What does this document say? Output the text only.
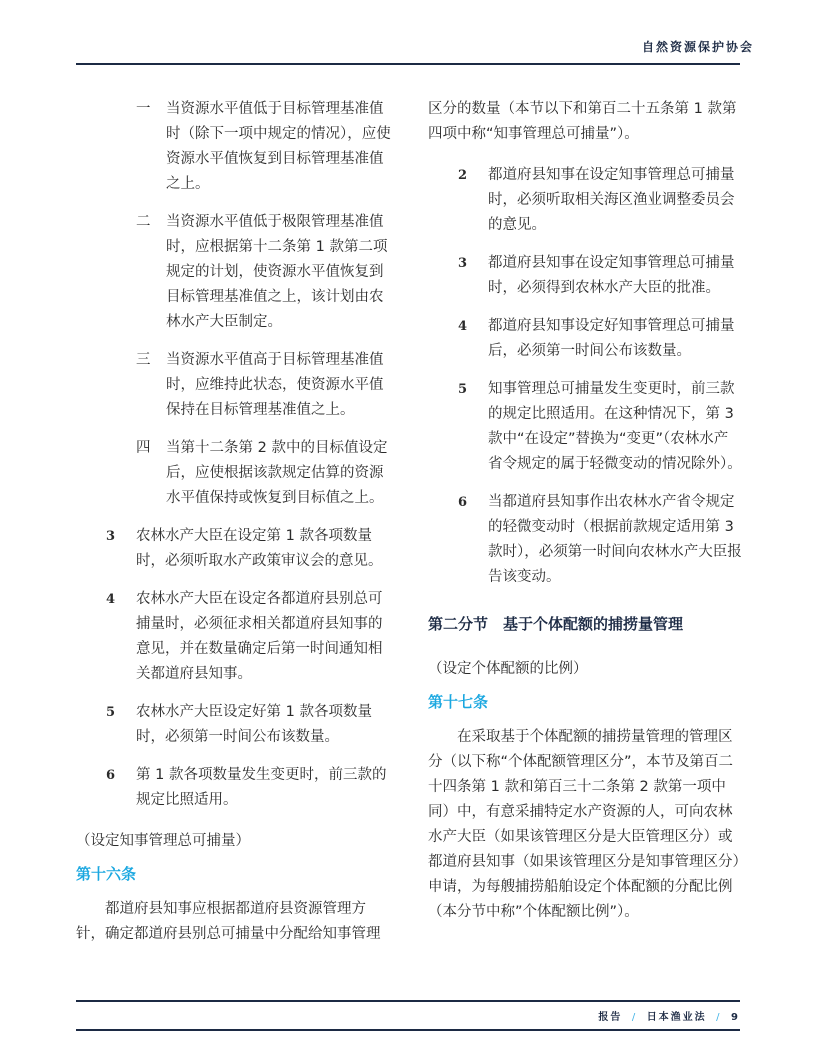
自然资源保护协会
一	当资源水平值低于目标管理基准值时（除下一项中规定的情况），应使资源水平值恢复到目标管理基准值之上。
二	当资源水平值低于极限管理基准值时，应根据第十二条第 1 款第二项规定的计划，使资源水平值恢复到目标管理基准值之上，该计划由农林水产大臣制定。
三	当资源水平值高于目标管理基准值时，应维持此状态，使资源水平值保持在目标管理基准值之上。
四	当第十二条第 2 款中的目标值设定后，应使根据该款规定估算的资源水平值保持或恢复到目标值之上。
3	农林水产大臣在设定第 1 款各项数量时，必须听取水产政策审议会的意见。
4	农林水产大臣在设定各都道府县别总可捕量时，必须征求相关都道府县知事的意见，并在数量确定后第一时间通知相关都道府县知事。
5	农林水产大臣设定好第 1 款各项数量时，必须第一时间公布该数量。
6	第 1 款各项数量发生变更时，前三款的规定比照适用。
（设定知事管理总可捕量）
第十六条
都道府县知事应根据都道府县资源管理方针，确定都道府县别总可捕量中分配给知事管理
区分的数量（本节以下和第百二十五条第 1 款第四项中称“知事管理总可捕量”）。
2	都道府县知事在设定知事管理总可捕量时，必须听取相关海区渔业调整委员会的意见。
3	都道府县知事在设定知事管理总可捕量时，必须得到农林水产大臣的批准。
4	都道府县知事设定好知事管理总可捕量后，必须第一时间公布该数量。
5	知事管理总可捕量发生变更时，前三款的规定比照适用。在这种情况下，第 3 款中“在设定”替换为“变更”（农林水产省令规定的属于轻微变动的情况除外）。
6	当都道府县知事作出农林水产省令规定的轻微变动时（根据前款规定适用第 3 款时），必须第一时间向农林水产大臣报告该变动。
第二分节　基于个体配额的捕捞量管理
（设定个体配额的比例）
第十七条
在采取基于个体配额的捕捞量管理的管理区分（以下称“个体配额管理区分”，本节及第百二十四条第 1 款和第百三十二条第 2 款第一项中同）中，有意采捕特定水产资源的人，可向农林水产大臣（如果该管理区分是大臣管理区分）或都道府县知事（如果该管理区分是知事管理区分）申请，为每艘捕捞船舶设定个体配额的分配比例（本分节中称”个体配额比例”）。
报告 / 日本渔业法 / 9
